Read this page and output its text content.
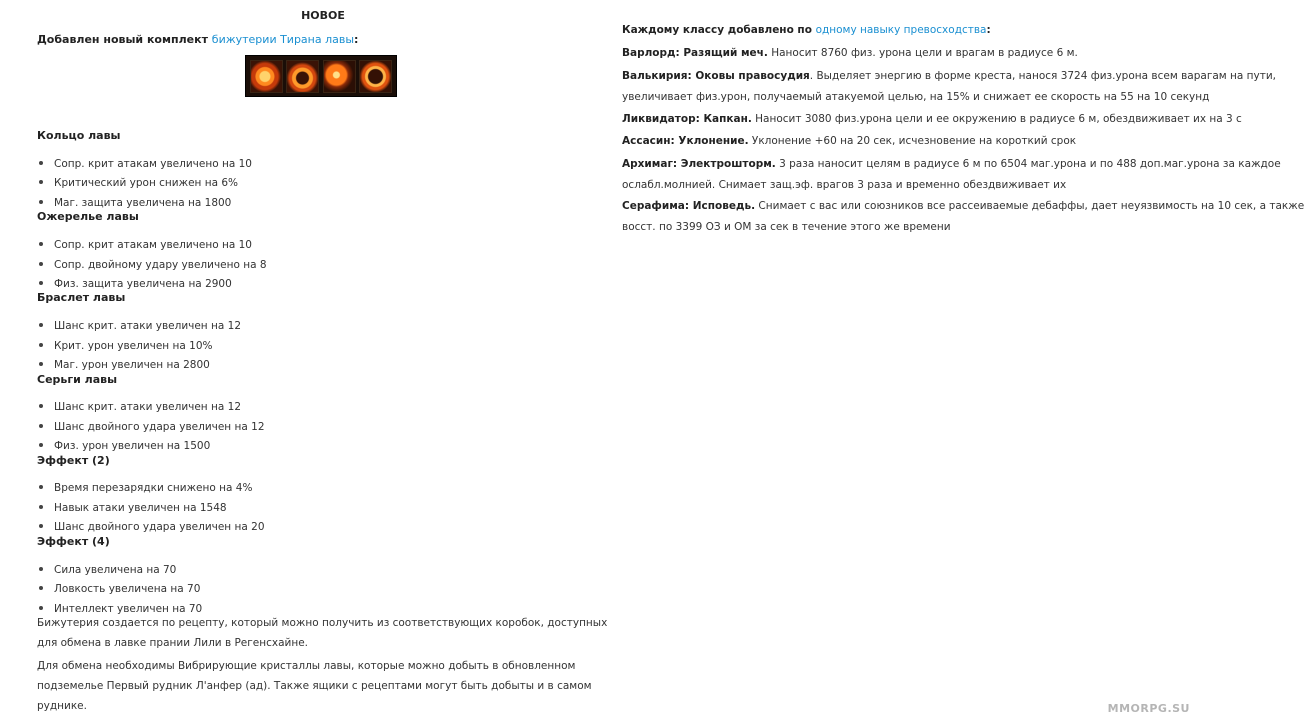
НОВОЕ
Добавлен новый комплект бижутерии Тирана лавы:
Кольцо лавы
Сопр. крит атакам увеличено на 10
Критический урон снижен на 6%
Маг. защита увеличена на 1800
Ожерелье лавы
Сопр. крит атакам увеличено на 10
Сопр. двойному удару увеличено на 8
Физ. защита увеличена на 2900
Браслет лавы
Шанс крит. атаки увеличен на 12
Крит. урон увеличен на 10%
Маг. урон увеличен на 2800
Серьги лавы
Шанс крит. атаки увеличен на 12
Шанс двойного удара увеличен на 12
Физ. урон увеличен на 1500
Эффект (2)
Время перезарядки снижено на 4%
Навык атаки увеличен на 1548
Шанс двойного удара увеличен на 20
Эффект (4)
Сила увеличена на 70
Ловкость увеличена на 70
Интеллект увеличен на 70
Бижутерия создается по рецепту, который можно получить из соответствующих коробок, доступных для обмена в лавке прании Лили в Регенсхайне.
Для обмена необходимы Вибрирующие кристаллы лавы, которые можно добыть в обновленном подземелье Первый рудник Л'анфер (ад). Также ящики с рецептами могут быть добыты и в самом руднике.
Каждому классу добавлено по одному навыку превосходства:
Варлорд: Разящий меч. Наносит 8760 физ. урона цели и врагам в радиусе 6 м.
Валькирия: Оковы правосудия. Выделяет энергию в форме креста, нанося 3724 физ.урона всем варагам на пути,
увеличивает физ.урон, получаемый атакуемой целью, на 15% и снижает ее скорость на 55 на 10 секунд
Ликвидатор: Капкан. Наносит 3080 физ.урона цели и ее окружению в радиусе 6 м, обездвиживает их на 3 с
Ассасин: Уклонение. Уклонение +60 на 20 сек, исчезновение на короткий срок
Архимаг: Электрошторм. 3 раза наносит целям в радиусе 6 м по 6504 маг.урона и по 488 доп.маг.урона за каждое
ослабл.молнией. Снимает защ.эф. врагов 3 раза и временно обездвиживает их
Серафима: Исповедь. Снимает с вас или союзников все рассеиваемые дебаффы, дает неуязвимость на 10 сек, а также
восст. по 3399 ОЗ и ОМ за сек в течение этого же времени
MMORPG.SU
